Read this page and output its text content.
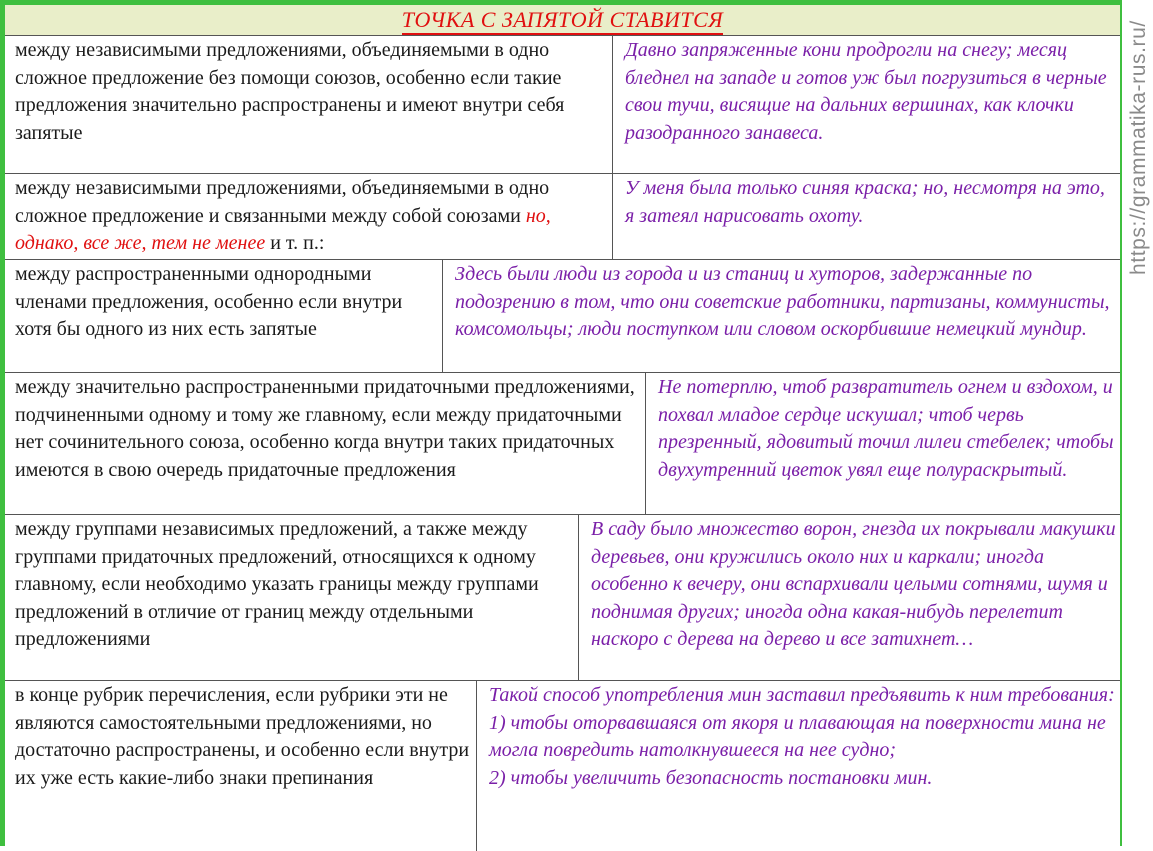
ТОЧКА С ЗАПЯТОЙ СТАВИТСЯ
между независимыми предложениями, объединяемыми в одно сложное предложение без помощи союзов, особенно если такие предложения значительно распространены и имеют внутри себя запятые
Давно запряженные кони продрогли на снегу; месяц бледнел на западе и готов уж был погрузиться в черные свои тучи, висящие на дальних вершинах, как клочки разодранного занавеса.
между независимыми предложениями, объединяемыми в одно сложное предложение и связанными между собой союзами но, однако, все же, тем не менее и т. п.:
У меня была только синяя краска; но, несмотря на это, я затеял нарисовать охоту.
между распространенными однородными членами предложения, особенно если внутри хотя бы одного из них есть запятые
Здесь были люди из города и из станиц и хуторов, задержанные по подозрению в том, что они советские работники, партизаны, коммунисты, комсомольцы; люди поступком или словом оскорбившие немецкий мундир.
между значительно распространенными придаточными предложениями, подчиненными одному и тому же главному, если между придаточными нет сочинительного союза, особенно когда внутри таких придаточных имеются в свою очередь придаточные предложения
Не потерплю, чтоб развратитель огнем и вздохом, и похвал младое сердце искушал; чтоб червь презренный, ядовитый точил лилеи стебелек; чтобы двухутренний цветок увял еще полураскрытый.
между группами независимых предложений, а также между группами придаточных предложений, относящихся к одному главному, если необходимо указать границы между группами предложений в отличие от границ между отдельными предложениями
В саду было множество ворон, гнезда их покрывали макушки деревьев, они кружились около них и каркали; иногда особенно к вечеру, они вспархивали целыми сотнями, шумя и поднимая других; иногда одна какая-нибудь перелетит наскоро с дерева на дерево и все затихнет…
в конце рубрик перечисления, если рубрики эти не являются самостоятельными предложениями, но достаточно распространены, и особенно если внутри их уже есть какие-либо знаки препинания
Такой способ употребления мин заставил предъявить к ним требования:
1) чтобы оторвавшаяся от якоря и плавающая на поверхности мина не могла повредить натолкнувшееся на нее судно;
2) чтобы увеличить безопасность постановки мин.
https://grammatika-rus.ru/
